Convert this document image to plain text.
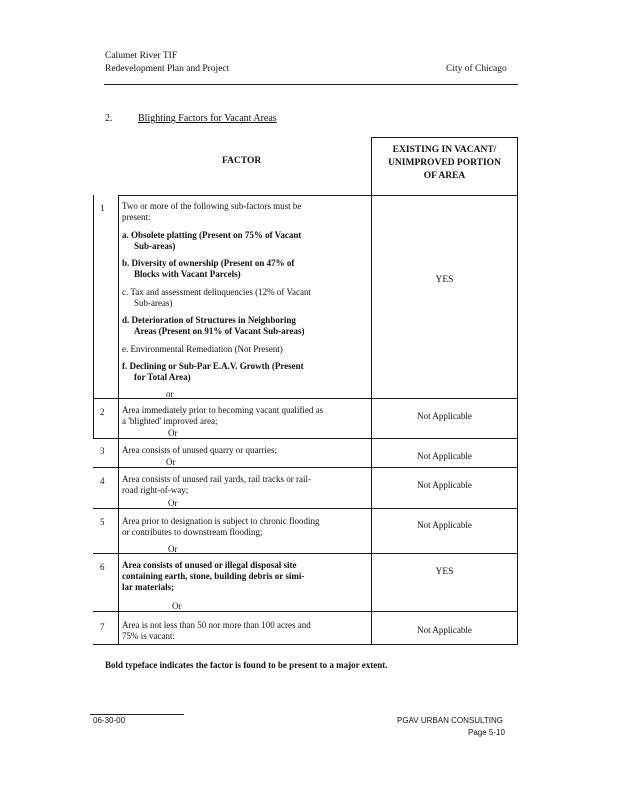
Calumet River TIF
Redevelopment Plan and Project	City of Chicago
2.	Blighting Factors for Vacant Areas
FACTOR
EXISTING IN VACANT/
UNIMPROVED PORTION
OF AREA
1 Two or more of the following sub-factors must be
present:
a. Obsolete platting (Present on 75% of Vacant
Sub-areas)
b. Diversity of ownership (Present on 47% of
Blocks with Vacant Parcels)
c. Tax and assessment delinquencies (12% of Vacant
Sub-areas)
d. Deterioration of Structures in Neighboring
Areas (Present on 91% of Vacant Sub-areas)
e. Environmental Remediation (Not Present)
f. Declining or Sub-Par E.A.V. Growth (Present
for Total Area)
YES
or
2 Area immediately prior to becoming vacant qualified as
a 'blighted' improved area;	Not Applicable
Or
3 Area consists of unused quarry or quarries;
Not Applicable
Or
4 Area consists of unused rail yards, rail tracks or rail-
road right-of-way;	Not Applicable
Or
5 Area prior to designation is subject to chronic flooding
or contributes to downstream flooding;
Not Applicable
Or
6 Area consists of unused or illegal disposal site
containing earth, stone, building debris or simi-
lar materials;
YES
Or
7 Area is not less than 50 nor more than 100 acres and
75% is vacant:
Not Applicable
Bold typeface indicates the factor is found to be present to a major extent.
06-30-00	PGAV URBAN CONSULTING
Page 5-10
